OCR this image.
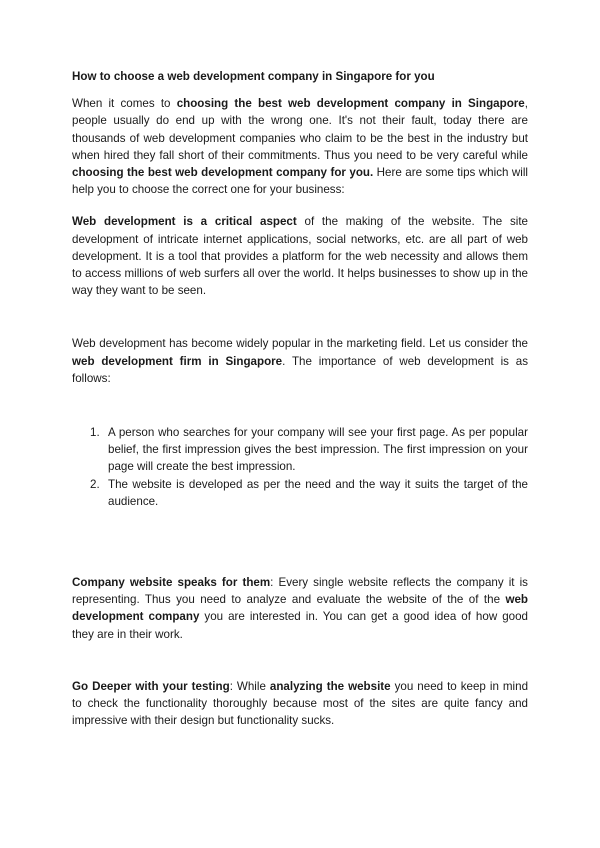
How to choose a web development company in Singapore for you

When it comes to choosing the best web development company in Singapore, people usually do end up with the wrong one. It's not their fault, today there are thousands of web development companies who claim to be the best in the industry but when hired they fall short of their commitments. Thus you need to be very careful while choosing the best web development company for you. Here are some tips which will help you to choose the correct one for your business:

Web development is a critical aspect of the making of the website. The site development of intricate internet applications, social networks, etc. are all part of web development. It is a tool that provides a platform for the web necessity and allows them to access millions of web surfers all over the world. It helps businesses to show up in the way they want to be seen.

Web development has become widely popular in the marketing field. Let us consider the web development firm in Singapore. The importance of web development is as follows:

1. A person who searches for your company will see your first page. As per popular belief, the first impression gives the best impression. The first impression on your page will create the best impression.
2. The website is developed as per the need and the way it suits the target of the audience.

Company website speaks for them: Every single website reflects the company it is representing. Thus you need to analyze and evaluate the website of the of the web development company you are interested in. You can get a good idea of how good they are in their work.

Go Deeper with your testing: While analyzing the website you need to keep in mind to check the functionality thoroughly because most of the sites are quite fancy and impressive with their design but functionality sucks.
